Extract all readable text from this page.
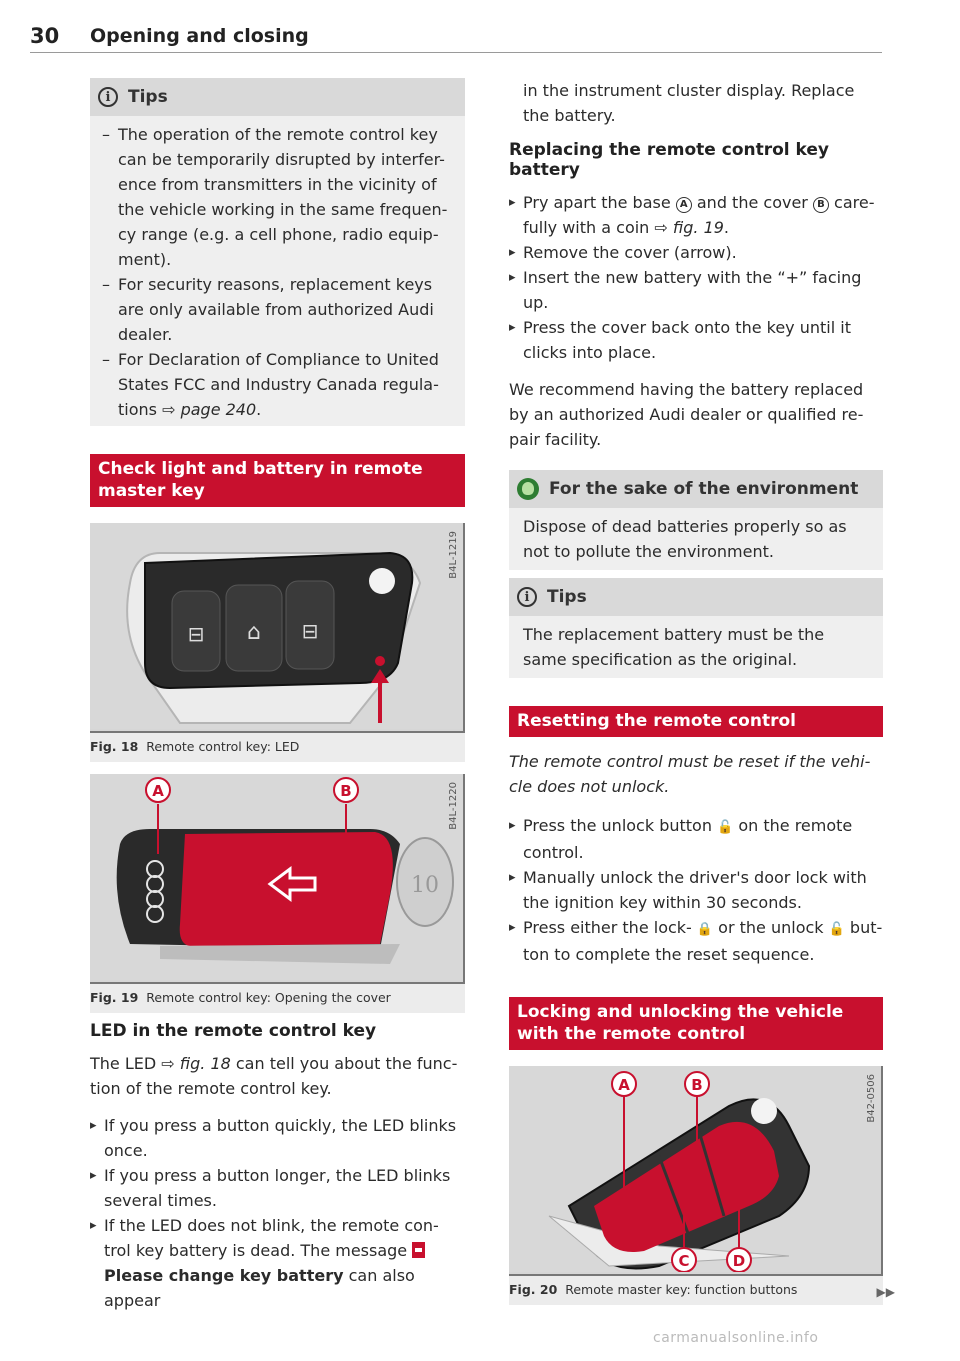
30 Opening and closing
i	Tips
– The operation of the remote control key can be temporarily disrupted by interfer-ence from transmitters in the vicinity of the vehicle working in the same frequen-cy range (e.g. a cell phone, radio equip-ment).
– For security reasons, replacement keys are only available from authorized Audi dealer.
– For Declaration of Compliance to United States FCC and Industry Canada regula-tions ⇨ page 240.
Check light and battery in remote master key
⊟ ⌂ ⊟
B4L-1219
Fig. 18 Remote control key: LED
10
A	B	B4L-1220
Fig. 19 Remote control key: Opening the cover
LED in the remote control key

The LED ⇨ fig. 18 can tell you about the func-tion of the remote control key.

▸ If you press a button quickly, the LED blinks once.
▸ If you press a button longer, the LED blinks several times.
▸ If the LED does not blink, the remote con-trol key battery is dead. The message  Please change key battery can also appear

in the instrument cluster display. Replace the battery.

Replacing the remote control key battery
▸ Pry apart the base A and the cover B care-fully with a coin ⇨ fig. 19.
▸ Remove the cover (arrow).
▸ Insert the new battery with the “+” facing up.
▸ Press the cover back onto the key until it clicks into place.

We recommend having the battery replaced by an authorized Audi dealer or qualified re-pair facility.

For the sake of the environment

Dispose of dead batteries properly so as not to pollute the environment.

i	Tips

The replacement battery must be the same specification as the original.

Resetting the remote control

The remote control must be reset if the vehi-cle does not unlock.

▸ Press the unlock button 🔓 on the remote control.
▸ Manually unlock the driver's door lock with the ignition key within 30 seconds.
▸ Press either the lock- 🔒 or the unlock 🔓 but-ton to complete the reset sequence.
Locking and unlocking the vehicle with the remote control
A	B
C	D
B42-0506
Fig. 20 Remote master key: function buttons	▶▶
carmanualsonline.info
